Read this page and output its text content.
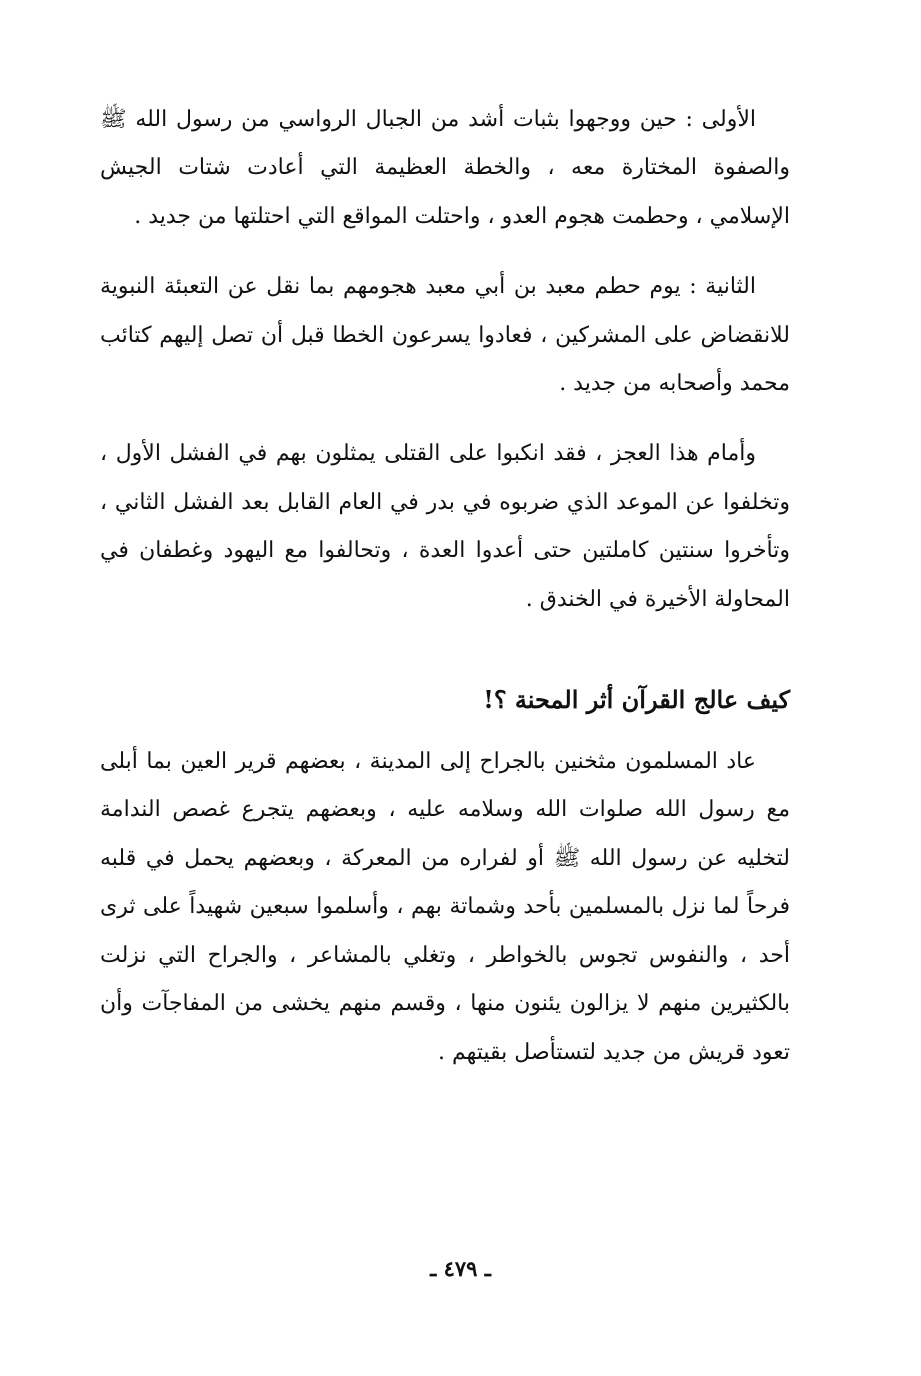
الأولى : حين ووجهوا بثبات أشد من الجبال الرواسي من رسول الله ﷺ والصفوة المختارة معه ، والخطة العظيمة التي أعادت شتات الجيش الإسلامي ، وحطمت هجوم العدو ، واحتلت المواقع التي احتلتها من جديد .

الثانية : يوم حطم معبد بن أبي معبد هجومهم بما نقل عن التعبئة النبوية للانقضاض على المشركين ، فعادوا يسرعون الخطا قبل أن تصل إليهم كتائب محمد وأصحابه من جديد .

وأمام هذا العجز ، فقد انكبوا على القتلى يمثلون بهم في الفشل الأول ، وتخلفوا عن الموعد الذي ضربوه في بدر في العام القابل بعد الفشل الثاني ، وتأخروا سنتين كاملتين حتى أعدوا العدة ، وتحالفوا مع اليهود وغطفان في المحاولة الأخيرة في الخندق .

كيف عالج القرآن أثر المحنة ؟!

عاد المسلمون مثخنين بالجراح إلى المدينة ، بعضهم قرير العين بما أبلى مع رسول الله صلوات الله وسلامه عليه ، وبعضهم يتجرع غصص الندامة لتخليه عن رسول الله ﷺ أو لفراره من المعركة ، وبعضهم يحمل في قلبه فرحاً لما نزل بالمسلمين بأحد وشماتة بهم ، وأسلموا سبعين شهيداً على ثرى أحد ، والنفوس تجوس بالخواطر ، وتغلي بالمشاعر ، والجراح التي نزلت بالكثيرين منهم لا يزالون يئنون منها ، وقسم منهم يخشى من المفاجآت وأن تعود قريش من جديد لتستأصل بقيتهم .

ـ ٤٧٩ ـ
